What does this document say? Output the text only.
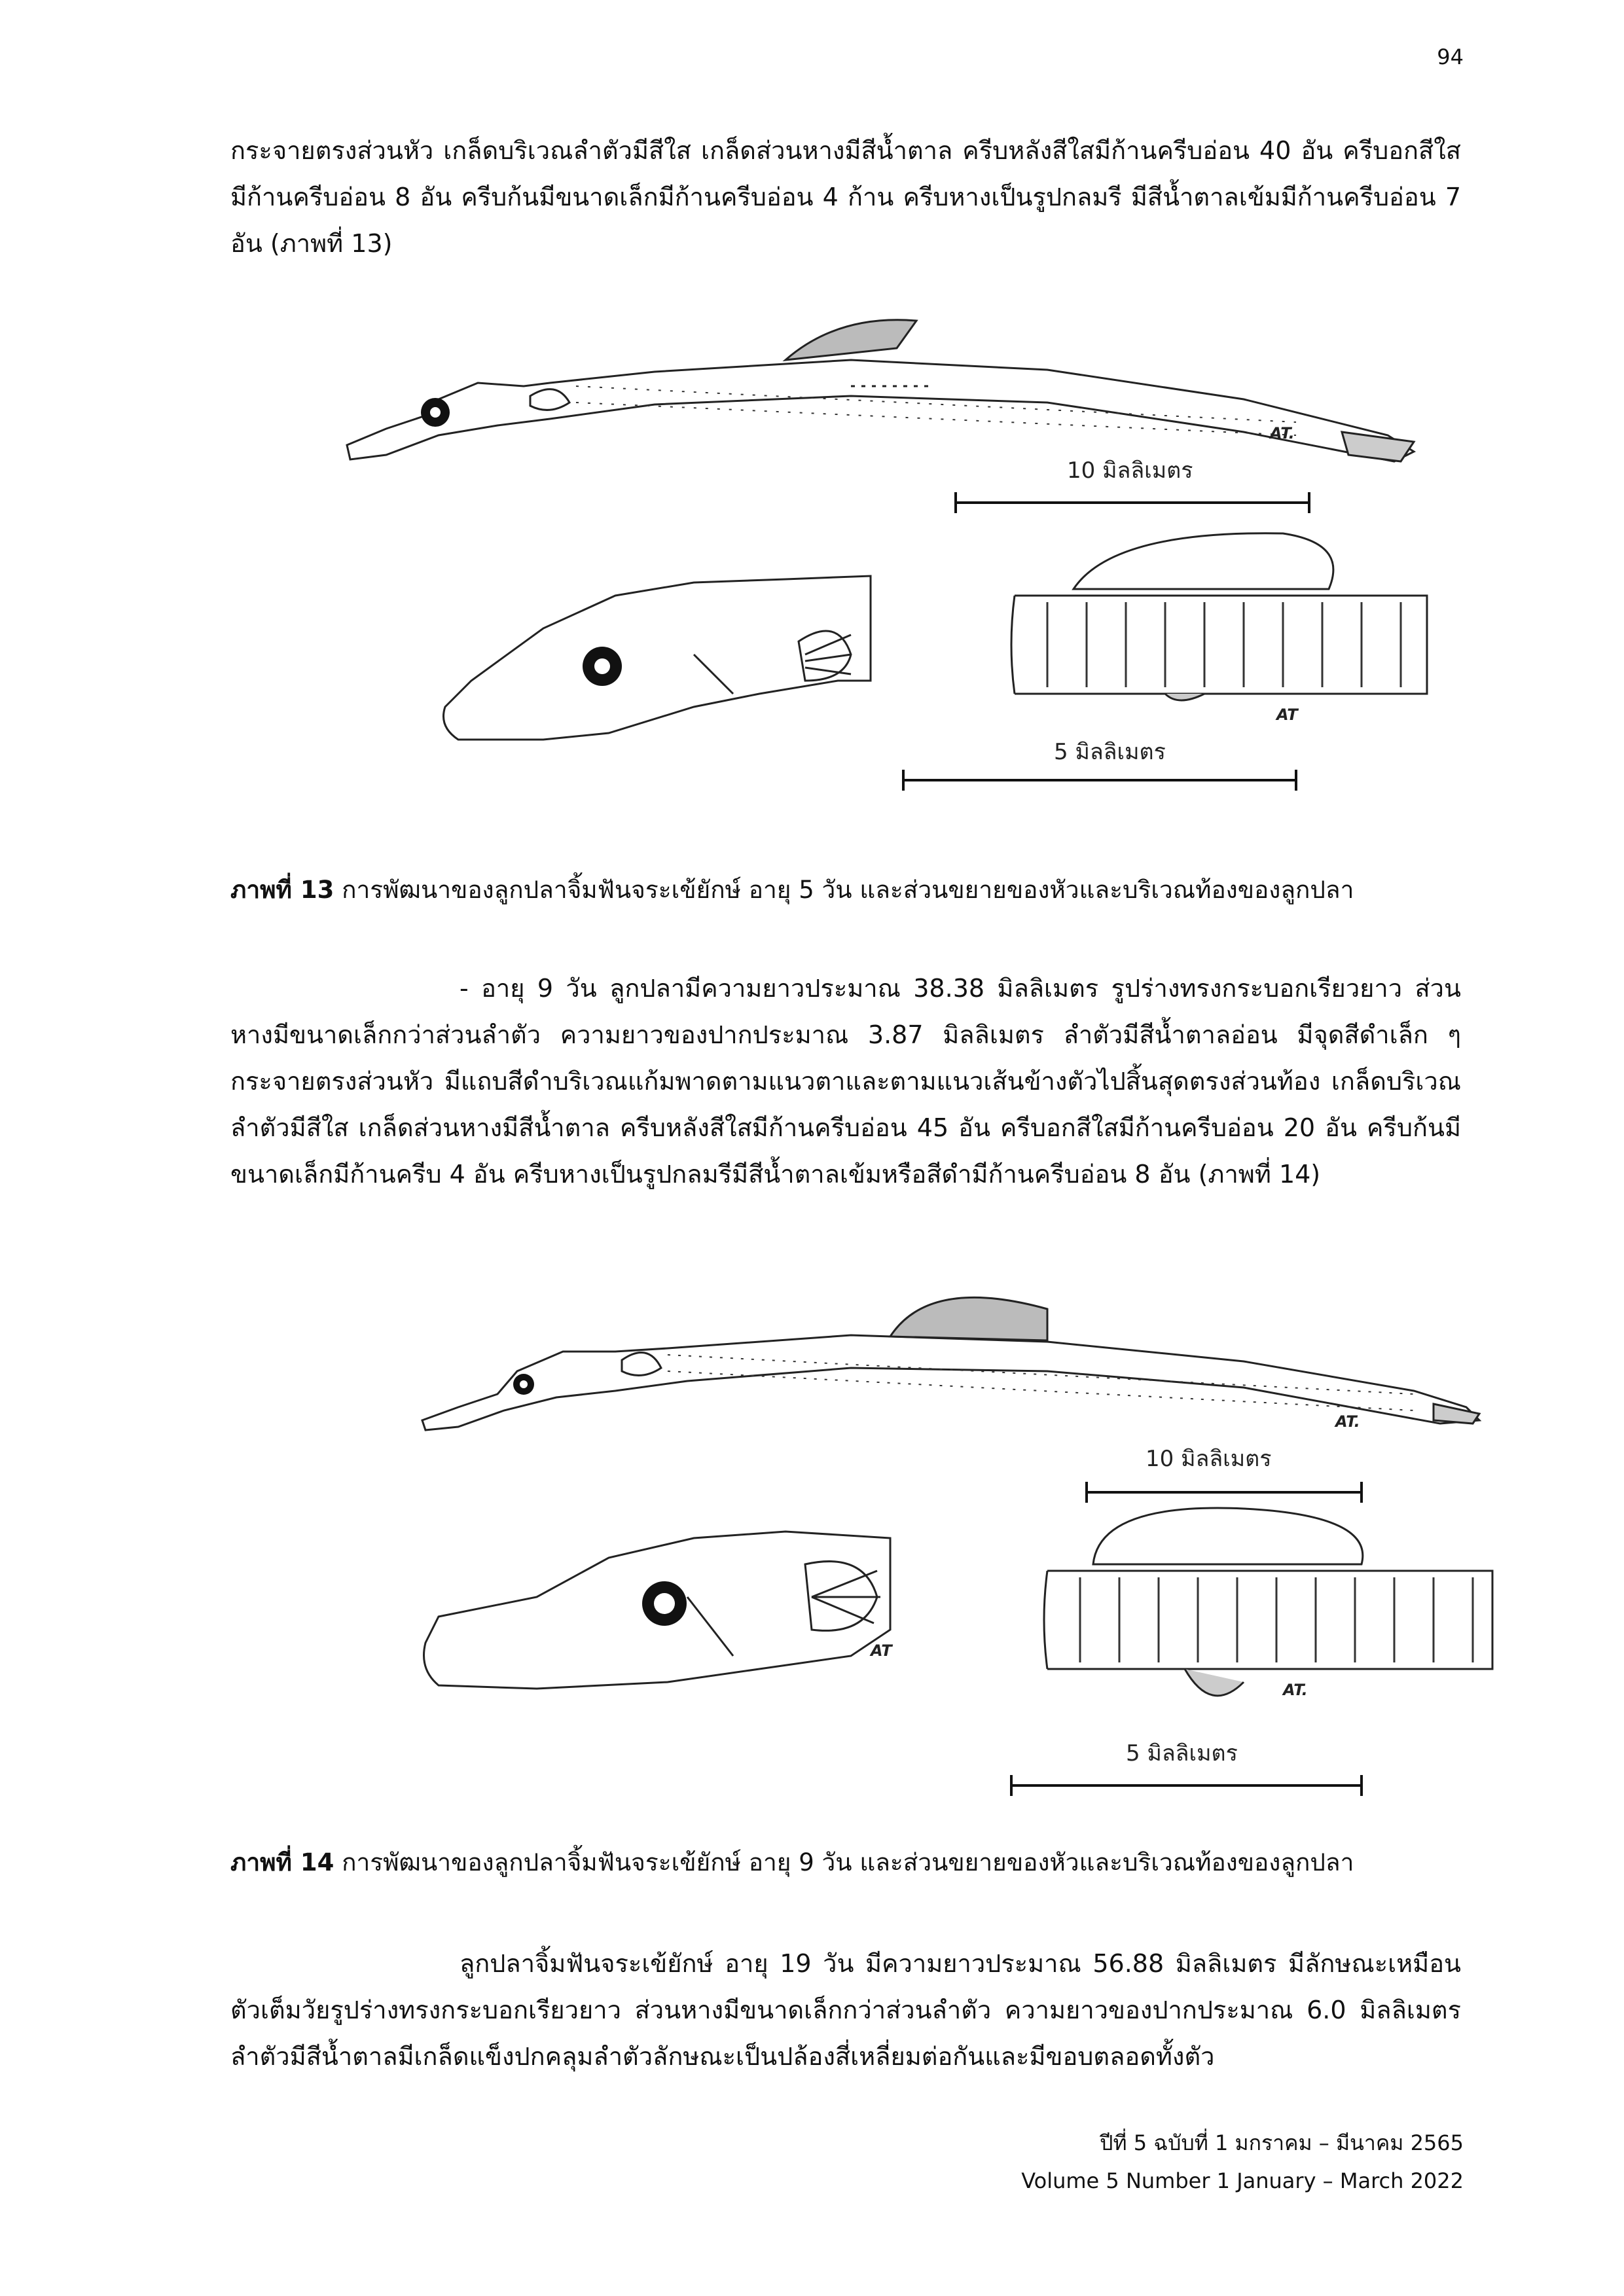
94

กระจายตรงส่วนหัว เกล็ดบริเวณลำตัวมีสีใส เกล็ดส่วนหางมีสีน้ำตาล ครีบหลังสีใสมีก้านครีบอ่อน 40 อัน ครีบอกสีใสมีก้านครีบอ่อน 8 อัน ครีบก้นมีขนาดเล็กมีก้านครีบอ่อน 4 ก้าน ครีบหางเป็นรูปกลมรี มีสีน้ำตาลเข้มมีก้านครีบอ่อน 7 อัน (ภาพที่ 13)

AT.
10 มิลลิเมตร
AT
5 มิลลิเมตร

ภาพที่ 13 การพัฒนาของลูกปลาจิ้มฟันจระเข้ยักษ์ อายุ 5 วัน และส่วนขยายของหัวและบริเวณท้องของลูกปลา

- อายุ 9 วัน ลูกปลามีความยาวประมาณ 38.38 มิลลิเมตร รูปร่างทรงกระบอกเรียวยาว ส่วนหางมีขนาดเล็กกว่าส่วนลำตัว ความยาวของปากประมาณ 3.87 มิลลิเมตร ลำตัวมีสีน้ำตาลอ่อน มีจุดสีดำเล็ก ๆ กระจายตรงส่วนหัว มีแถบสีดำบริเวณแก้มพาดตามแนวตาและตามแนวเส้นข้างตัวไปสิ้นสุดตรงส่วนท้อง เกล็ดบริเวณลำตัวมีสีใส เกล็ดส่วนหางมีสีน้ำตาล ครีบหลังสีใสมีก้านครีบอ่อน 45 อัน ครีบอกสีใสมีก้านครีบอ่อน 20 อัน ครีบก้นมีขนาดเล็กมีก้านครีบ 4 อัน ครีบหางเป็นรูปกลมรีมีสีน้ำตาลเข้มหรือสีดำมีก้านครีบอ่อน 8 อัน (ภาพที่ 14)

AT.
10 มิลลิเมตร
AT
AT.
5 มิลลิเมตร

ภาพที่ 14 การพัฒนาของลูกปลาจิ้มฟันจระเข้ยักษ์ อายุ 9 วัน และส่วนขยายของหัวและบริเวณท้องของลูกปลา

ลูกปลาจิ้มฟันจระเข้ยักษ์ อายุ 19 วัน มีความยาวประมาณ 56.88 มิลลิเมตร มีลักษณะเหมือนตัวเต็มวัยรูปร่างทรงกระบอกเรียวยาว ส่วนหางมีขนาดเล็กกว่าส่วนลำตัว ความยาวของปากประมาณ 6.0 มิลลิเมตร ลำตัวมีสีน้ำตาลมีเกล็ดแข็งปกคลุมลำตัวลักษณะเป็นปล้องสี่เหลี่ยมต่อกันและมีขอบตลอดทั้งตัว

ปีที่ 5 ฉบับที่ 1 มกราคม – มีนาคม 2565
Volume 5 Number 1 January – March 2022
